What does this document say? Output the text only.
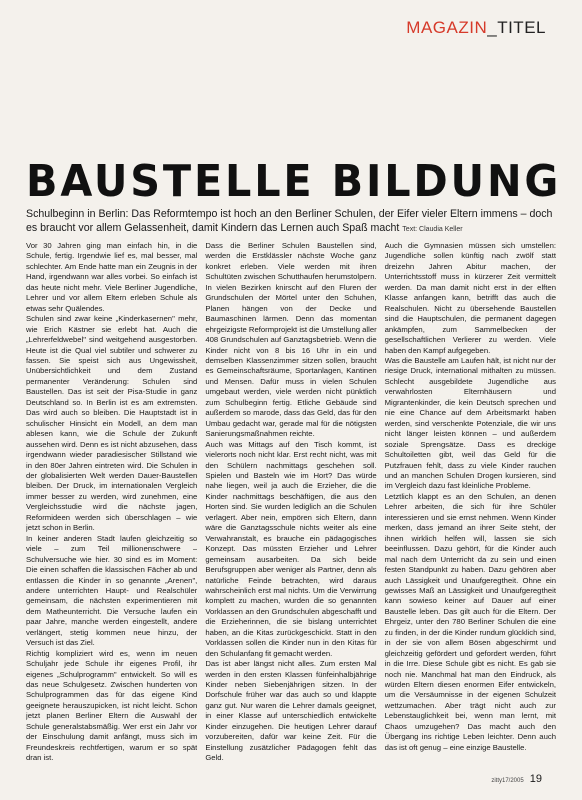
MAGAZIN_TITEL
BAUSTELLE BILDUNG
Schulbeginn in Berlin: Das Reformtempo ist hoch an den Berliner Schulen, der Eifer vieler Eltern immens – doch es braucht vor allem Gelassenheit, damit Kindern das Lernen auch Spaß macht Text: Claudia Keller

Vor 30 Jahren ging man einfach hin, in die Schule, fertig. Irgendwie lief es, mal besser, mal schlechter. Am Ende hatte man ein Zeugnis in der Hand, irgendwann war alles vorbei. So einfach ist das heute nicht mehr. Viele Berliner Jugendliche, Lehrer und vor allem Eltern erleben Schule als etwas sehr Quälendes.

Schulen sind zwar keine „Kinderkasernen" mehr, wie Erich Kästner sie erlebt hat. Auch die „Lehrerfeldwebel" sind weitgehend ausgestorben. Heute ist die Qual viel subtiler und schwerer zu fassen. Sie speist sich aus Ungewissheit, Unübersichtlichkeit und dem Zustand permanenter Veränderung: Schulen sind Baustellen. Das ist seit der Pisa-Studie in ganz Deutschland so. In Berlin ist es am extremsten. Das wird auch so bleiben. Die Hauptstadt ist in schulischer Hinsicht ein Modell, an dem man ablesen kann, wie die Schule der Zukunft aussehen wird. Denn es ist nicht abzusehen, dass irgendwann wieder paradiesischer Stillstand wie in den 80er Jahren eintreten wird. Die Schulen in der globalisierten Welt werden Dauer-Baustellen bleiben. Der Druck, im internationalen Vergleich immer besser zu werden, wird zunehmen, eine Vergleichsstudie wird die nächste jagen, Reformideen werden sich überschlagen – wie jetzt schon in Berlin.

In keiner anderen Stadt laufen gleichzeitig so viele – zum Teil millionenschwere – Schulversuche wie hier. 30 sind es im Moment: Die einen schaffen die klassischen Fächer ab und entlassen die Kinder in so genannte „Arenen", andere unterrichten Haupt- und Realschüler gemeinsam, die nächsten experimentieren mit dem Matheunterricht. Die Versuche laufen ein paar Jahre, manche werden eingestellt, andere verlängert, stetig kommen neue hinzu, der Versuch ist das Ziel.

Richtig kompliziert wird es, wenn im neuen Schuljahr jede Schule ihr eigenes Profil, ihr eigenes „Schulprogramm" entwickelt. So will es das neue Schulgesetz. Zwischen hunderten von Schulprogrammen das für das eigene Kind geeignete herauszupicken, ist nicht leicht. Schon jetzt planen Berliner Eltern die Auswahl der Schule generalstabsmäßig. Wer erst ein Jahr vor der Einschulung damit anfängt, muss sich im Freundeskreis rechtfertigen, warum er so spät dran ist.

Dass die Berliner Schulen Baustellen sind, werden die Erstklässler nächste Woche ganz konkret erleben. Viele werden mit ihren Schultüten zwischen Schutthaufen herumstolpern. In vielen Bezirken knirscht auf den Fluren der Grundschulen der Mörtel unter den Schuhen, Planen hängen von der Decke und Baumaschinen lärmen. Denn das momentan ehrgeizigste Reformprojekt ist die Umstellung aller 408 Grundschulen auf Ganztagsbetrieb. Wenn die Kinder nicht von 8 bis 16 Uhr in ein und demselben Klassenzimmer sitzen sollen, braucht es Gemeinschaftsräume, Sportanlagen, Kantinen und Mensen. Dafür muss in vielen Schulen umgebaut werden, viele werden nicht pünktlich zum Schulbeginn fertig. Etliche Gebäude sind außerdem so marode, dass das Geld, das für den Umbau gedacht war, gerade mal für die nötigsten Sanierungsmaßnahmen reichte.

Auch was Mittags auf den Tisch kommt, ist vielerorts noch nicht klar. Erst recht nicht, was mit den Schülern nachmittags geschehen soll. Spielen und Basteln wie im Hort? Das würde nahe liegen, weil ja auch die Erzieher, die die Kinder nachmittags beschäftigen, die aus den Horten sind. Sie wurden lediglich an die Schulen verlagert. Aber nein, empören sich Eltern, dann wäre die Ganztagsschule nichts weiter als eine Verwahranstalt, es brauche ein pädagogisches Konzept. Das müssten Erzieher und Lehrer gemeinsam ausarbeiten. Da sich beide Berufsgruppen aber weniger als Partner, denn als natürliche Feinde betrachten, wird daraus wahrscheinlich erst mal nichts. Um die Verwirrung komplett zu machen, wurden die so genannten Vorklassen an den Grundschulen abgeschafft und die Erzieherinnen, die sie bislang unterrichtet haben, an die Kitas zurückgeschickt. Statt in den Vorklassen sollen die Kinder nun in den Kitas für den Schulanfang fit gemacht werden.

Das ist aber längst nicht alles. Zum ersten Mal werden in den ersten Klassen fünfeinhalbjährige Kinder neben Siebenjährigen sitzen. In der Dorfschule früher war das auch so und klappte ganz gut. Nur waren die Lehrer damals geeignet, in einer Klasse auf unterschiedlich entwickelte Kinder einzugehen. Die heutigen Lehrer darauf vorzubereiten, dafür war keine Zeit. Für die Einstellung zusätzlicher Pädagogen fehlt das Geld.

Auch die Gymnasien müssen sich umstellen: Jugendliche sollen künftig nach zwölf statt dreizehn Jahren Abitur machen, der Unterrichtsstoff muss in kürzerer Zeit vermittelt werden. Da man damit nicht erst in der elften Klasse anfangen kann, betrifft das auch die Realschulen. Nicht zu übersehende Baustellen sind die Hauptschulen, die permanent dagegen ankämpfen, zum Sammelbecken der gesellschaftlichen Verlierer zu werden. Viele haben den Kampf aufgegeben.

Was die Baustelle am Laufen hält, ist nicht nur der riesige Druck, international mithalten zu müssen. Schlecht ausgebildete Jugendliche aus verwahrlosten Elternhäusern und Migrantenkinder, die kein Deutsch sprechen und nie eine Chance auf dem Arbeitsmarkt haben werden, sind verschenkte Potenziale, die wir uns nicht länger leisten können – und außerdem soziale Sprengsätze. Dass es dreckige Schultoiletten gibt, weil das Geld für die Putzfrauen fehlt, dass zu viele Kinder rauchen und an manchen Schulen Drogen kursieren, sind im Vergleich dazu fast kleinliche Probleme.

Letztlich klappt es an den Schulen, an denen Lehrer arbeiten, die sich für ihre Schüler interessieren und sie ernst nehmen. Wenn Kinder merken, dass jemand an ihrer Seite steht, der ihnen wirklich helfen will, lassen sie sich beeinflussen. Dazu gehört, für die Kinder auch mal nach dem Unterricht da zu sein und einen festen Standpunkt zu haben. Dazu gehören aber auch Lässigkeit und Unaufgeregtheit. Ohne ein gewisses Maß an Lässigkeit und Unaufgeregtheit kann sowieso keiner auf Dauer auf einer Baustelle leben. Das gilt auch für die Eltern. Der Ehrgeiz, unter den 780 Berliner Schulen die eine zu finden, in der die Kinder rundum glücklich sind, in der sie von allem Bösen abgeschirmt und gleichzeitig gefördert und gefordert werden, führt in die Irre. Diese Schule gibt es nicht. Es gab sie noch nie. Manchmal hat man den Eindruck, als würden Eltern diesen enormen Eifer entwickeln, um die Versäumnisse in der eigenen Schulzeit wettzumachen. Aber trägt nicht auch zur Lebenstauglichkeit bei, wenn man lernt, mit Chaos umzugehen? Das macht auch den Übergang ins richtige Leben leichter. Denn auch das ist oft genug – eine einzige Baustelle.

zitty17/2005 19
